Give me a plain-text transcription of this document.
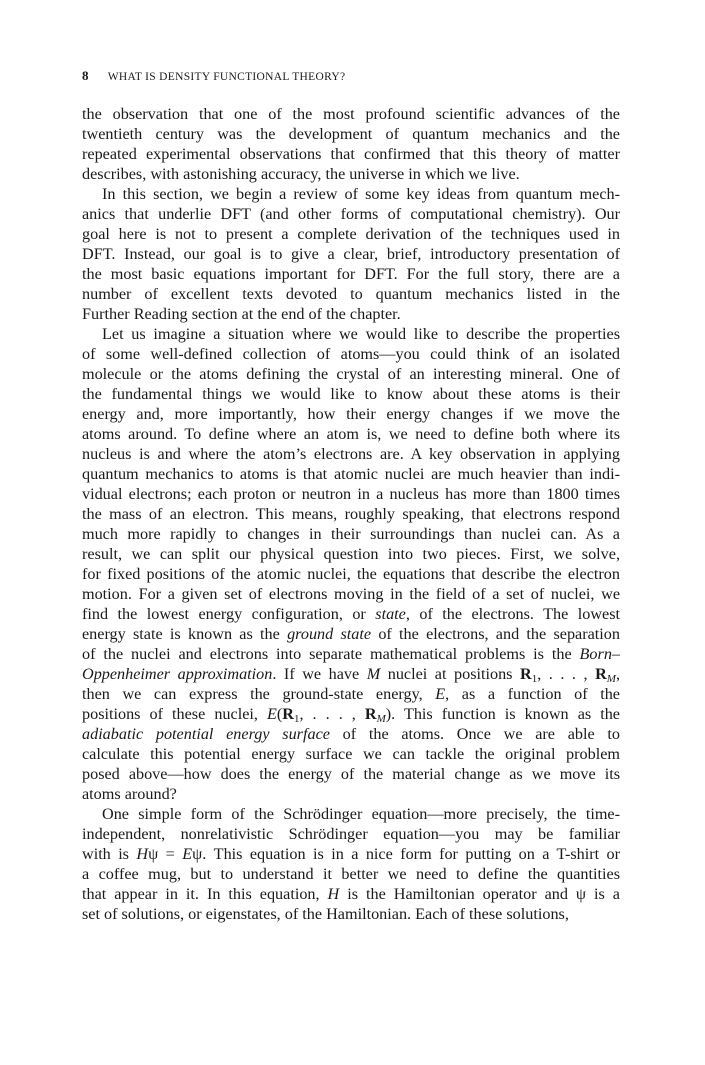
8 WHAT IS DENSITY FUNCTIONAL THEORY?
the observation that one of the most profound scientific advances of the
twentieth century was the development of quantum mechanics and the
repeated experimental observations that confirmed that this theory of matter
describes, with astonishing accuracy, the universe in which we live.
In this section, we begin a review of some key ideas from quantum mech-
anics that underlie DFT (and other forms of computational chemistry). Our
goal here is not to present a complete derivation of the techniques used in
DFT. Instead, our goal is to give a clear, brief, introductory presentation of
the most basic equations important for DFT. For the full story, there are a
number of excellent texts devoted to quantum mechanics listed in the
Further Reading section at the end of the chapter.
Let us imagine a situation where we would like to describe the properties
of some well-defined collection of atoms—you could think of an isolated
molecule or the atoms defining the crystal of an interesting mineral. One of
the fundamental things we would like to know about these atoms is their
energy and, more importantly, how their energy changes if we move the
atoms around. To define where an atom is, we need to define both where its
nucleus is and where the atom’s electrons are. A key observation in applying
quantum mechanics to atoms is that atomic nuclei are much heavier than indi-
vidual electrons; each proton or neutron in a nucleus has more than 1800 times
the mass of an electron. This means, roughly speaking, that electrons respond
much more rapidly to changes in their surroundings than nuclei can. As a
result, we can split our physical question into two pieces. First, we solve,
for fixed positions of the atomic nuclei, the equations that describe the electron
motion. For a given set of electrons moving in the field of a set of nuclei, we
find the lowest energy configuration, or state, of the electrons. The lowest
energy state is known as the ground state of the electrons, and the separation
of the nuclei and electrons into separate mathematical problems is the Born–
Oppenheimer approximation. If we have M nuclei at positions $R_1$, . . . , $R_M$,
then we can express the ground-state energy, E, as a function of the
positions of these nuclei, $E(R_1$, . . . , $R_M$). This function is known as the
adiabatic potential energy surface of the atoms. Once we are able to
calculate this potential energy surface we can tackle the original problem
posed above—how does the energy of the material change as we move its
atoms around?
One simple form of the Schrödinger equation—more precisely, the time-
independent, nonrelativistic Schrödinger equation—you may be familiar
with is Hψ = Eψ. This equation is in a nice form for putting on a T-shirt or
a coffee mug, but to understand it better we need to define the quantities
that appear in it. In this equation, H is the Hamiltonian operator and ψ is a
set of solutions, or eigenstates, of the Hamiltonian. Each of these solutions,
